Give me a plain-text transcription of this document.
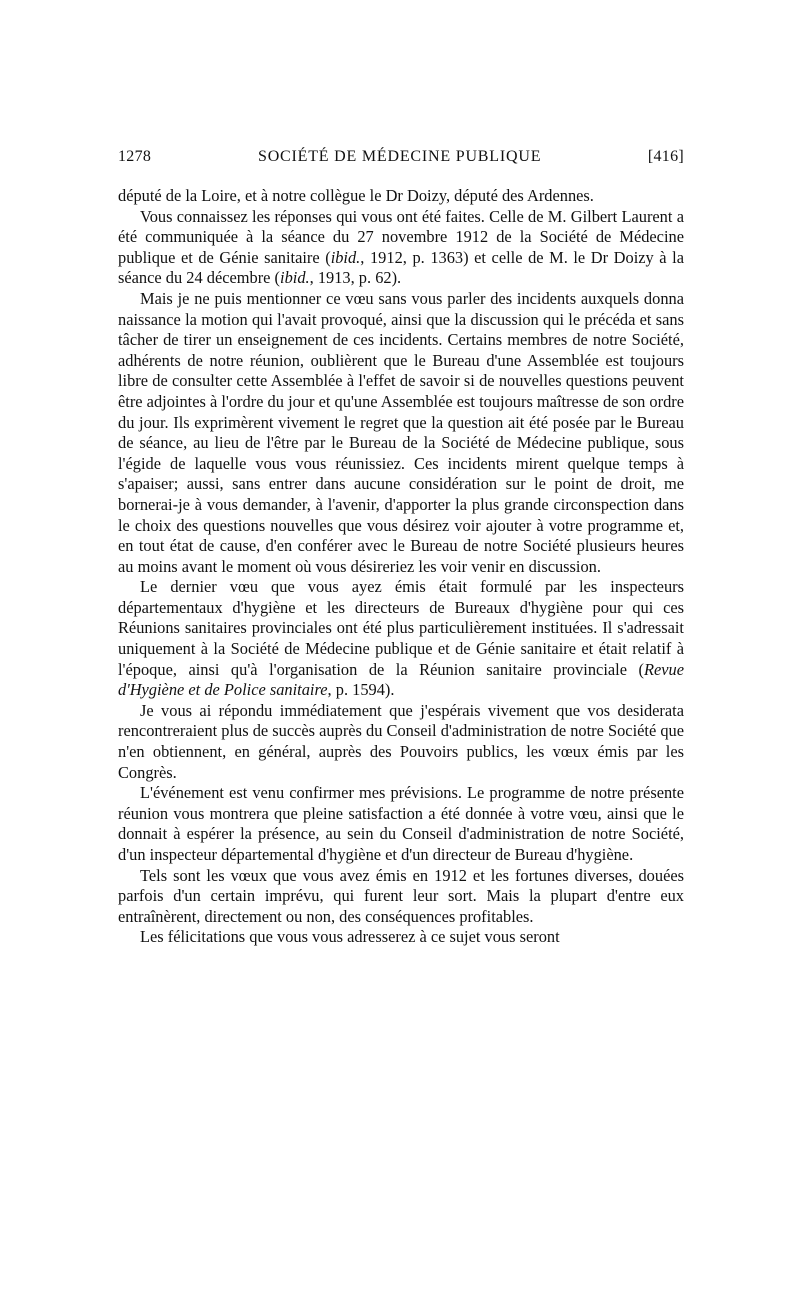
1278	SOCIÉTÉ DE MÉDECINE PUBLIQUE	[416]

député de la Loire, et à notre collègue le Dr Doizy, député des Ardennes.

Vous connaissez les réponses qui vous ont été faites. Celle de M. Gilbert Laurent a été communiquée à la séance du 27 novembre 1912 de la Société de Médecine publique et de Génie sanitaire (ibid., 1912, p. 1363) et celle de M. le Dr Doizy à la séance du 24 décembre (ibid., 1913, p. 62).

Mais je ne puis mentionner ce vœu sans vous parler des incidents auxquels donna naissance la motion qui l'avait provoqué, ainsi que la discussion qui le précéda et sans tâcher de tirer un enseignement de ces incidents. Certains membres de notre Société, adhérents de notre réunion, oublièrent que le Bureau d'une Assemblée est toujours libre de consulter cette Assemblée à l'effet de savoir si de nouvelles questions peuvent être adjointes à l'ordre du jour et qu'une Assemblée est toujours maîtresse de son ordre du jour. Ils exprimèrent vivement le regret que la question ait été posée par le Bureau de séance, au lieu de l'être par le Bureau de la Société de Médecine publique, sous l'égide de laquelle vous vous réunissiez. Ces incidents mirent quelque temps à s'apaiser; aussi, sans entrer dans aucune considération sur le point de droit, me bornerai-je à vous demander, à l'avenir, d'apporter la plus grande circonspection dans le choix des questions nouvelles que vous désirez voir ajouter à votre programme et, en tout état de cause, d'en conférer avec le Bureau de notre Société plusieurs heures au moins avant le moment où vous désireriez les voir venir en discussion.

Le dernier vœu que vous ayez émis était formulé par les inspecteurs départementaux d'hygiène et les directeurs de Bureaux d'hygiène pour qui ces Réunions sanitaires provinciales ont été plus particulièrement instituées. Il s'adressait uniquement à la Société de Médecine publique et de Génie sanitaire et était relatif à l'époque, ainsi qu'à l'organisation de la Réunion sanitaire provinciale (Revue d'Hygiène et de Police sanitaire, p. 1594).

Je vous ai répondu immédiatement que j'espérais vivement que vos desiderata rencontreraient plus de succès auprès du Conseil d'administration de notre Société que n'en obtiennent, en général, auprès des Pouvoirs publics, les vœux émis par les Congrès.

L'événement est venu confirmer mes prévisions. Le programme de notre présente réunion vous montrera que pleine satisfaction a été donnée à votre vœu, ainsi que le donnait à espérer la présence, au sein du Conseil d'administration de notre Société, d'un inspecteur départemental d'hygiène et d'un directeur de Bureau d'hygiène.

Tels sont les vœux que vous avez émis en 1912 et les fortunes diverses, douées parfois d'un certain imprévu, qui furent leur sort. Mais la plupart d'entre eux entraînèrent, directement ou non, des conséquences profitables.

Les félicitations que vous vous adresserez à ce sujet vous seront
